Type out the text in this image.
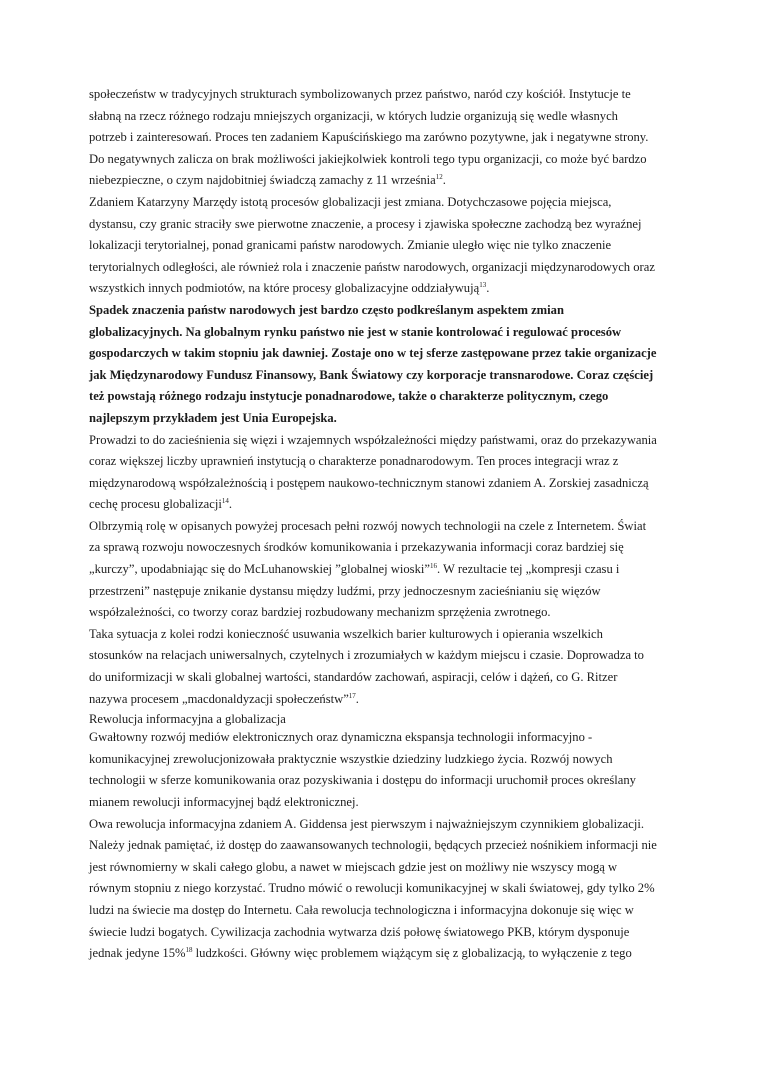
społeczeństw w tradycyjnych strukturach symbolizowanych przez państwo, naród czy kościół. Instytucje te słabną na rzecz różnego rodzaju mniejszych organizacji, w których ludzie organizują się wedle własnych potrzeb i zainteresowań. Proces ten zadaniem Kapuścińskiego ma zarówno pozytywne, jak i negatywne strony. Do negatywnych zalicza on brak możliwości jakiejkolwiek kontroli tego typu organizacji, co może być bardzo niebezpieczne, o czym najdobitniej świadczą zamachy z 11 września$^{12}$.

Zdaniem Katarzyny Marzędy istotą procesów globalizacji jest zmiana. Dotychczasowe pojęcia miejsca, dystansu, czy granic straciły swe pierwotne znaczenie, a procesy i zjawiska społeczne zachodzą bez wyraźnej lokalizacji terytorialnej, ponad granicami państw narodowych. Zmianie uległo więc nie tylko znaczenie terytorialnych odległości, ale również rola i znaczenie państw narodowych, organizacji międzynarodowych oraz wszystkich innych podmiotów, na które procesy globalizacyjne oddziaływują$^{13}$.

Spadek znaczenia państw narodowych jest bardzo często podkreślanym aspektem zmian globalizacyjnych. Na globalnym rynku państwo nie jest w stanie kontrolować i regulować procesów gospodarczych w takim stopniu jak dawniej. Zostaje ono w tej sferze zastępowane przez takie organizacje jak Międzynarodowy Fundusz Finansowy, Bank Światowy czy korporacje transnarodowe. Coraz częściej też powstają różnego rodzaju instytucje ponadnarodowe, także o charakterze politycznym, czego najlepszym przykładem jest Unia Europejska.

Prowadzi to do zacieśnienia się więzi i wzajemnych współzależności między państwami, oraz do przekazywania coraz większej liczby uprawnień instytucją o charakterze ponadnarodowym. Ten proces integracji wraz z międzynarodową współzależnością i postępem naukowo-technicznym stanowi zdaniem A. Zorskiej zasadniczą cechę procesu globalizacji$^{14}$.

Olbrzymią rolę w opisanych powyżej procesach pełni rozwój nowych technologii na czele z Internetem. Świat za sprawą rozwoju nowoczesnych środków komunikowania i przekazywania informacji coraz bardziej się „kurczy”, upodabniając się do McLuhanowskiej ”globalnej wioski”$^{16}$. W rezultacie tej „kompresji czasu i przestrzeni” następuje znikanie dystansu między ludźmi, przy jednoczesnym zacieśnianiu się więzów współzależności, co tworzy coraz bardziej rozbudowany mechanizm sprzężenia zwrotnego.

Taka sytuacja z kolei rodzi konieczność usuwania wszelkich barier kulturowych i opierania wszelkich stosunków na relacjach uniwersalnych, czytelnych i zrozumiałych w każdym miejscu i czasie. Doprowadza to do uniformizacji w skali globalnej wartości, standardów zachowań, aspiracji, celów i dążeń, co G. Ritzer nazywa procesem „macdonaldyzacji społeczeństw”$^{17}$.

Rewolucja informacyjna a globalizacja

Gwałtowny rozwój mediów elektronicznych oraz dynamiczna ekspansja technologii informacyjno - komunikacyjnej zrewolucjonizowała praktycznie wszystkie dziedziny ludzkiego życia. Rozwój nowych technologii w sferze komunikowania oraz pozyskiwania i dostępu do informacji uruchomił proces określany mianem rewolucji informacyjnej bądź elektronicznej.

Owa rewolucja informacyjna zdaniem A. Giddensa jest pierwszym i najważniejszym czynnikiem globalizacji. Należy jednak pamiętać, iż dostęp do zaawansowanych technologii, będących przecież nośnikiem informacji nie jest równomierny w skali całego globu, a nawet w miejscach gdzie jest on możliwy nie wszyscy mogą w równym stopniu z niego korzystać. Trudno mówić o rewolucji komunikacyjnej w skali światowej, gdy tylko 2% ludzi na świecie ma dostęp do Internetu. Cała rewolucja technologiczna i informacyjna dokonuje się więc w świecie ludzi bogatych. Cywilizacja zachodnia wytwarza dziś połowę światowego PKB, którym dysponuje jednak jedyne 15%$^{18}$ ludzkości. Główny więc problemem wiążącym się z globalizacją, to wyłączenie z tego
